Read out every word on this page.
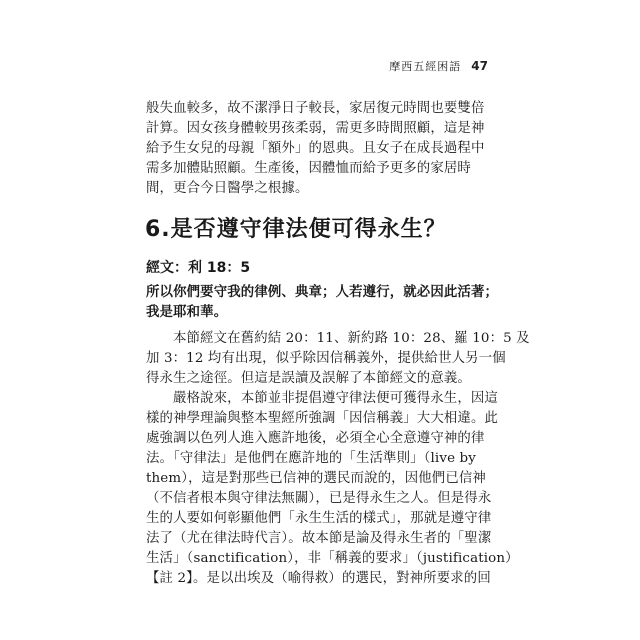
摩西五經困語 47
般失血較多，故不潔淨日子較長，家居復元時間也要雙倍
計算。因女孩身體較男孩柔弱，需更多時間照顧，這是神
給予生女兒的母親「額外」的恩典。且女子在成長過程中
需多加體貼照顧。生產後，因體恤而給予更多的家居時
間，更合今日醫學之根據。
6.是否遵守律法便可得永生？
經文：利 18：5
所以你們要守我的律例、典章；人若遵行，就必因此活著；
我是耶和華。
本節經文在舊約結 20：11、新約路 10：28、羅 10：5 及
加 3：12 均有出現，似乎除因信稱義外，提供給世人另一個
得永生之途徑。但這是誤讀及誤解了本節經文的意義。
嚴格說來，本節並非提倡遵守律法便可獲得永生，因這
樣的神學理論與整本聖經所強調「因信稱義」大大相違。此
處強調以色列人進入應許地後，必須全心全意遵守神的律
法。「守律法」是他們在應許地的「生活準則」（live by
them），這是對那些已信神的選民而說的，因他們已信神
（不信者根本與守律法無關），已是得永生之人。但是得永
生的人要如何彰顯他們「永生生活的樣式」，那就是遵守律
法了（尤在律法時代言）。故本節是論及得永生者的「聖潔
生活」（sanctification），非「稱義的要求」（justification）
【註 2】。是以出埃及（喻得救）的選民，對神所要求的回
